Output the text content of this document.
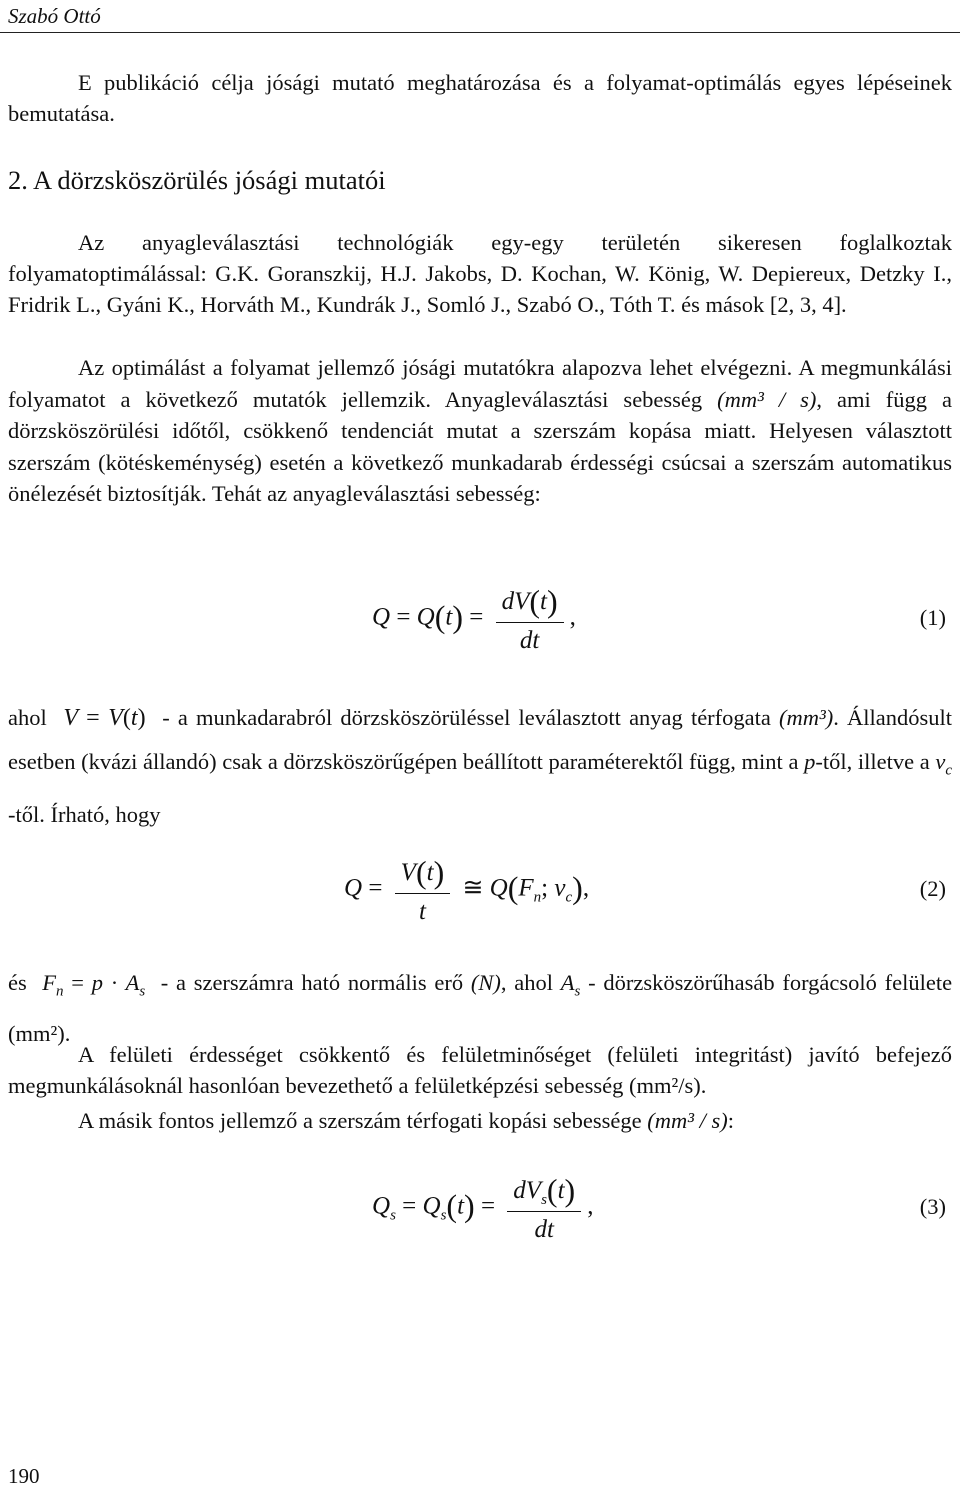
Szabó Ottó
E publikáció célja jósági mutató meghatározása és a folyamat-optimálás egyes lépéseinek bemutatása.
2. A dörzsköszörülés jósági mutatói
Az anyagleválasztási technológiák egy-egy területén sikeresen foglalkoztak folyamatoptimálással: G.K. Goranszkij, H.J. Jakobs, D. Kochan, W. König, W. Depiereux, Detzky I., Fridrik L., Gyáni K., Horváth M., Kundrák J., Somló J., Szabó O., Tóth T. és mások [2, 3, 4].
Az optimálást a folyamat jellemző jósági mutatókra alapozva lehet elvégezni. A megmunkálási folyamatot a következő mutatók jellemzik. Anyagleválasztási sebesség (mm³ / s), ami függ a dörzsköszörülési időtől, csökkenő tendenciát mutat a szerszám kopása miatt. Helyesen választott szerszám (kötéskeménység) esetén a következő munkadarab érdességi csúcsai a szerszám automatikus önélezését biztosítják. Tehát az anyagleválasztási sebesség:
$Q = Q(t) = \frac{dV(t)}{dt}$ ,	(1)
ahol  V = V(t) - a munkadarabról dörzsköszörüléssel leválasztott anyag térfogata (mm³). Állandósult esetben (kvázi állandó) csak a dörzsköszörűgépen beállított paraméterektől függ, mint a p-től, illetve a $v_c$ -től. Írható, hogy
$Q = \frac{V(t)}{t}$ ≅ $Q(F_n$; $v_c$),	(2)
és  $F_n = p \cdot A_s - a$ szerszámra ható normális erő (N), ahol $A_s$ - dörzsköszörűhasáb forgácsoló felülete (mm²).
A felületi érdességet csökkentő és felületminőséget (felületi integritást) javító befejező megmunkálásoknál hasonlóan bevezethető a felületképzési sebesség (mm²/s).
A másik fontos jellemző a szerszám térfogati kopási sebessége (mm³ / s):
$Q_s = Q_s(t) = \frac{dV_s(t)}{dt}$ ,	(3)
190
